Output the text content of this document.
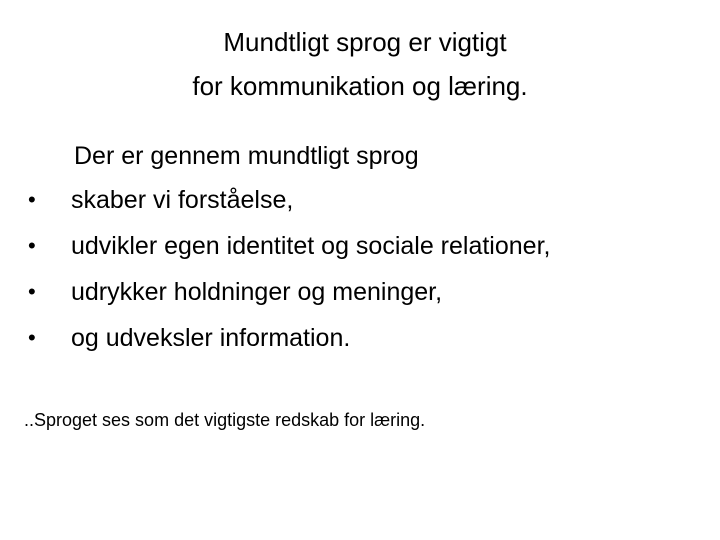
Mundtligt sprog er vigtigt
for kommunikation og læring.
Der er gennem mundtligt sprog
• skaber vi forståelse,
• udvikler egen identitet og sociale relationer,
• udrykker holdninger og meninger,
• og udveksler information.
..Sproget ses som det vigtigste redskab for læring.
